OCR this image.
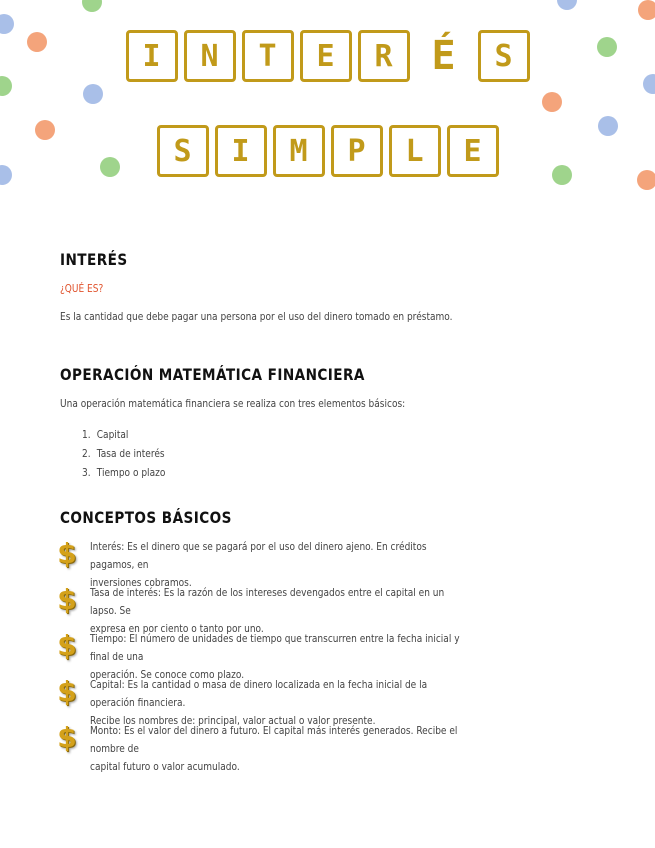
I	N	T	E	R É	S
S	I	M	P	L	E
INTERÉS
¿QUÉ ES?
Es la cantidad que debe pagar una persona por el uso del dinero tomado en préstamo.
OPERACIÓN MATEMÁTICA FINANCIERA
Una operación matemática financiera se realiza con tres elementos básicos:
1. Capital
2. Tasa de interés
3. Tiempo o plazo
CONCEPTOS BÁSICOS
$	Interés: Es el dinero que se pagará por el uso del dinero ajeno. En créditos pagamos, en
inversiones cobramos.
$	Tasa de interés: Es la razón de los intereses devengados entre el capital en un lapso. Se
expresa en por ciento o tanto por uno.
$	Tiempo: El número de unidades de tiempo que transcurren entre la fecha inicial y final de una
operación. Se conoce como plazo.
$	Capital: Es la cantidad o masa de dinero localizada en la fecha inicial de la operación financiera.
Recibe los nombres de: principal, valor actual o valor presente.
$	Monto: Es el valor del dinero a futuro. El capital más interés generados. Recibe el nombre de
capital futuro o valor acumulado.
